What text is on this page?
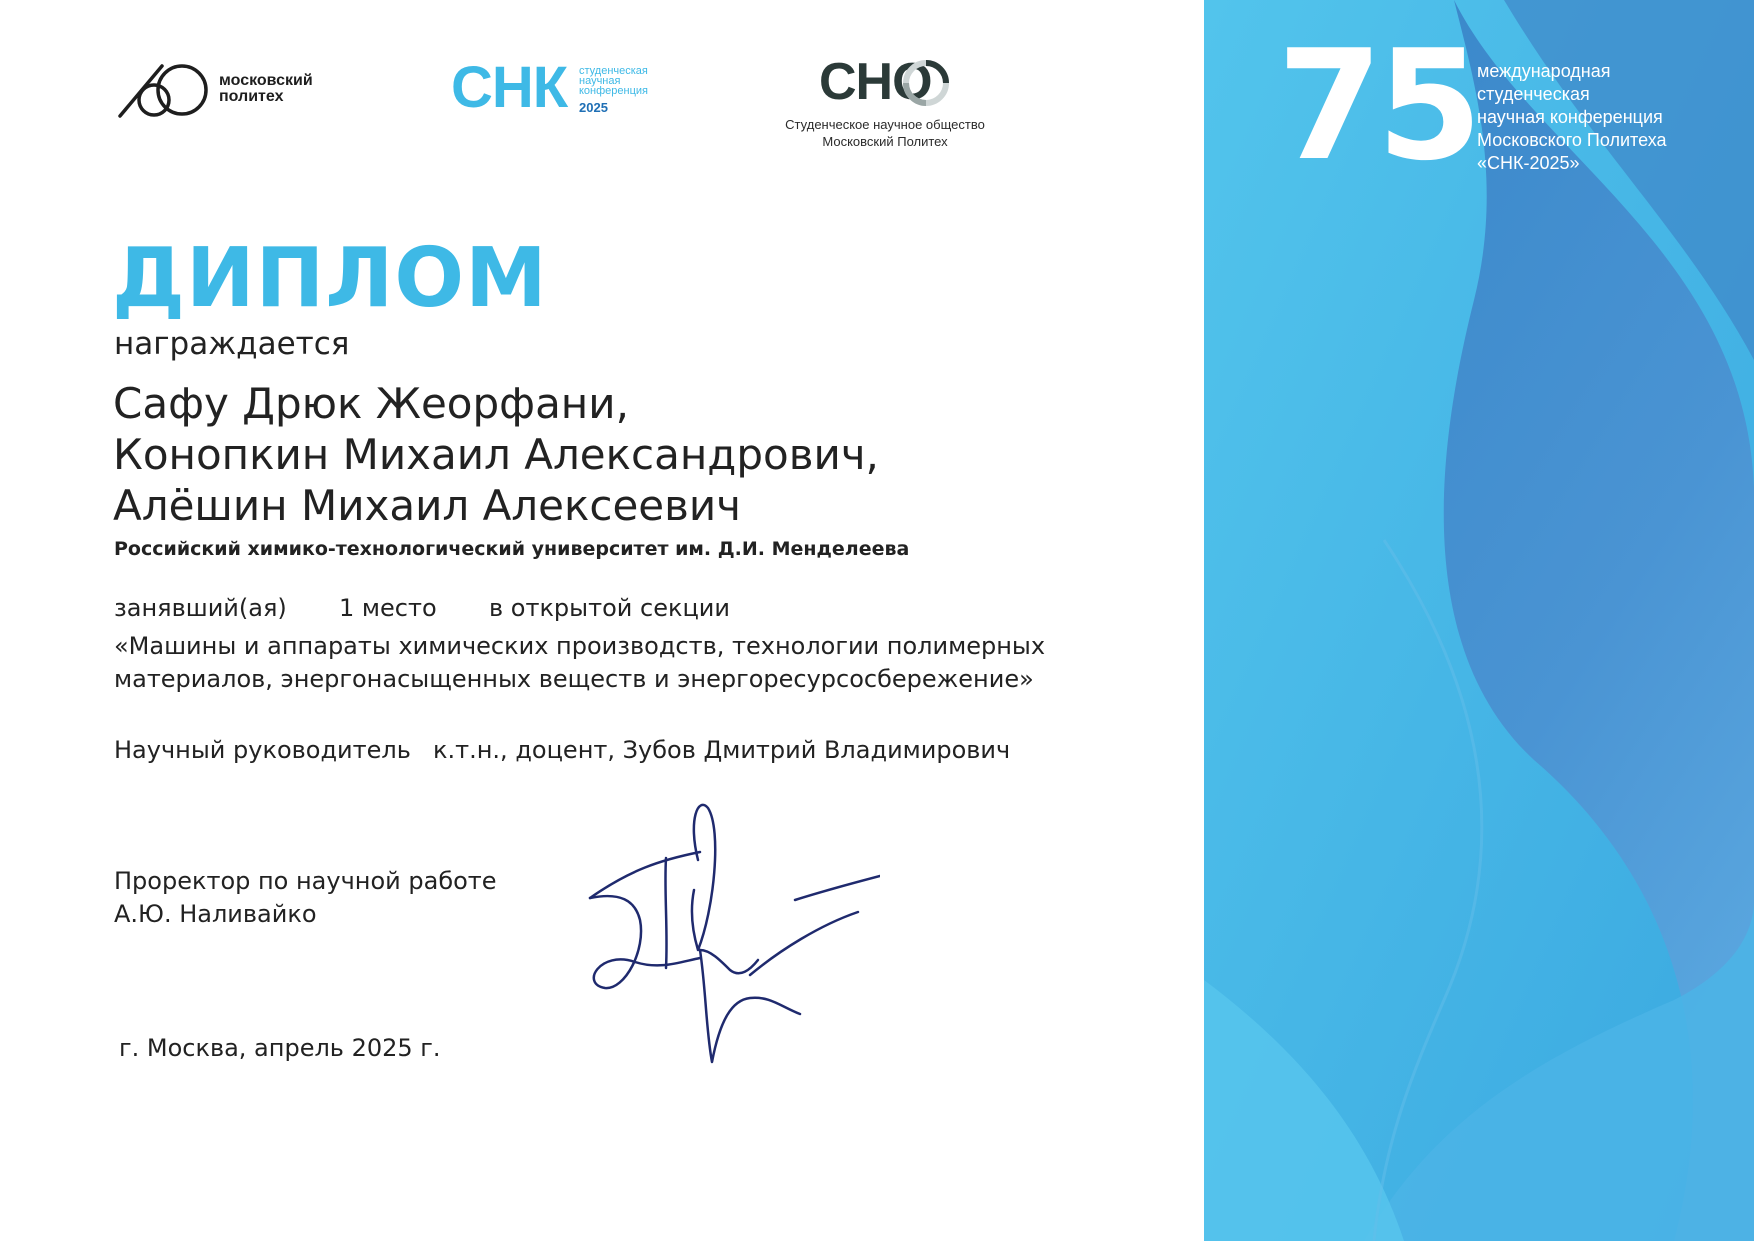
75 международная
студенческая
научная конференция
Московского Политеха
«СНК-2025»
московский
политех	СНК студенческая
научная
конференция
2025	СНО
Студенческое научное общество
Московский Политех
ДИПЛОМ
награждается
Сафу Дрюк Жеорфани,
Конопкин Михаил Александрович,
Алёшин Михаил Алексеевич
Российский химико-технологический университет им. Д.И. Менделеева
занявший(ая) 1 место в открытой секции
«Машины и аппараты химических производств, технологии полимерных
материалов, энергонасыщенных веществ и энергоресурсосбережение»
Научный руководитель к.т.н., доцент, Зубов Дмитрий Владимирович
Проректор по научной работе
А.Ю. Наливайко
г. Москва, апрель 2025 г.
